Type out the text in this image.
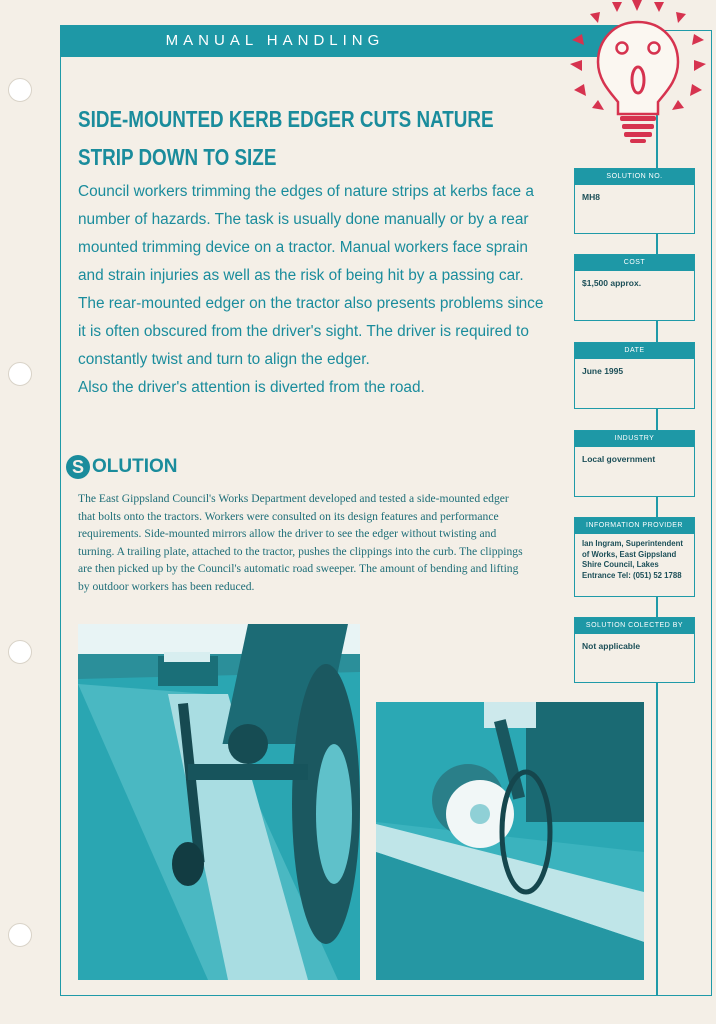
MANUAL HANDLING
SIDE-MOUNTED KERB EDGER CUTS NATURE
STRIP DOWN TO SIZE

Council workers trimming the edges of nature strips at kerbs face a number of hazards. The task is usually done manually or by a rear mounted trimming device on a tractor. Manual workers face sprain and strain injuries as well as the risk of being hit by a passing car.

The rear-mounted edger on the tractor also presents problems since it is often obscured from the driver's sight. The driver is required to constantly twist and turn to align the edger.

Also the driver's attention is diverted from the road.

S OLUTION
The East Gippsland Council's Works Department developed and tested a side-mounted edger that bolts onto the tractors. Workers were consulted on its design features and performance requirements. Side-mounted mirrors allow the driver to see the edger without twisting and turning. A trailing plate, attached to the tractor, pushes the clippings into the curb. The clippings are then picked up by the Council's automatic road sweeper. The amount of bending and lifting by outdoor workers has been reduced.
SOLUTION NO.
MH8
COST
$1,500 approx.
DATE
June 1995
INDUSTRY
Local government
INFORMATION PROVIDER
Ian Ingram, Superintendent of Works, East Gippsland Shire Council, Lakes Entrance Tel: (051) 52 1788
SOLUTION COLECTED BY
Not applicable
